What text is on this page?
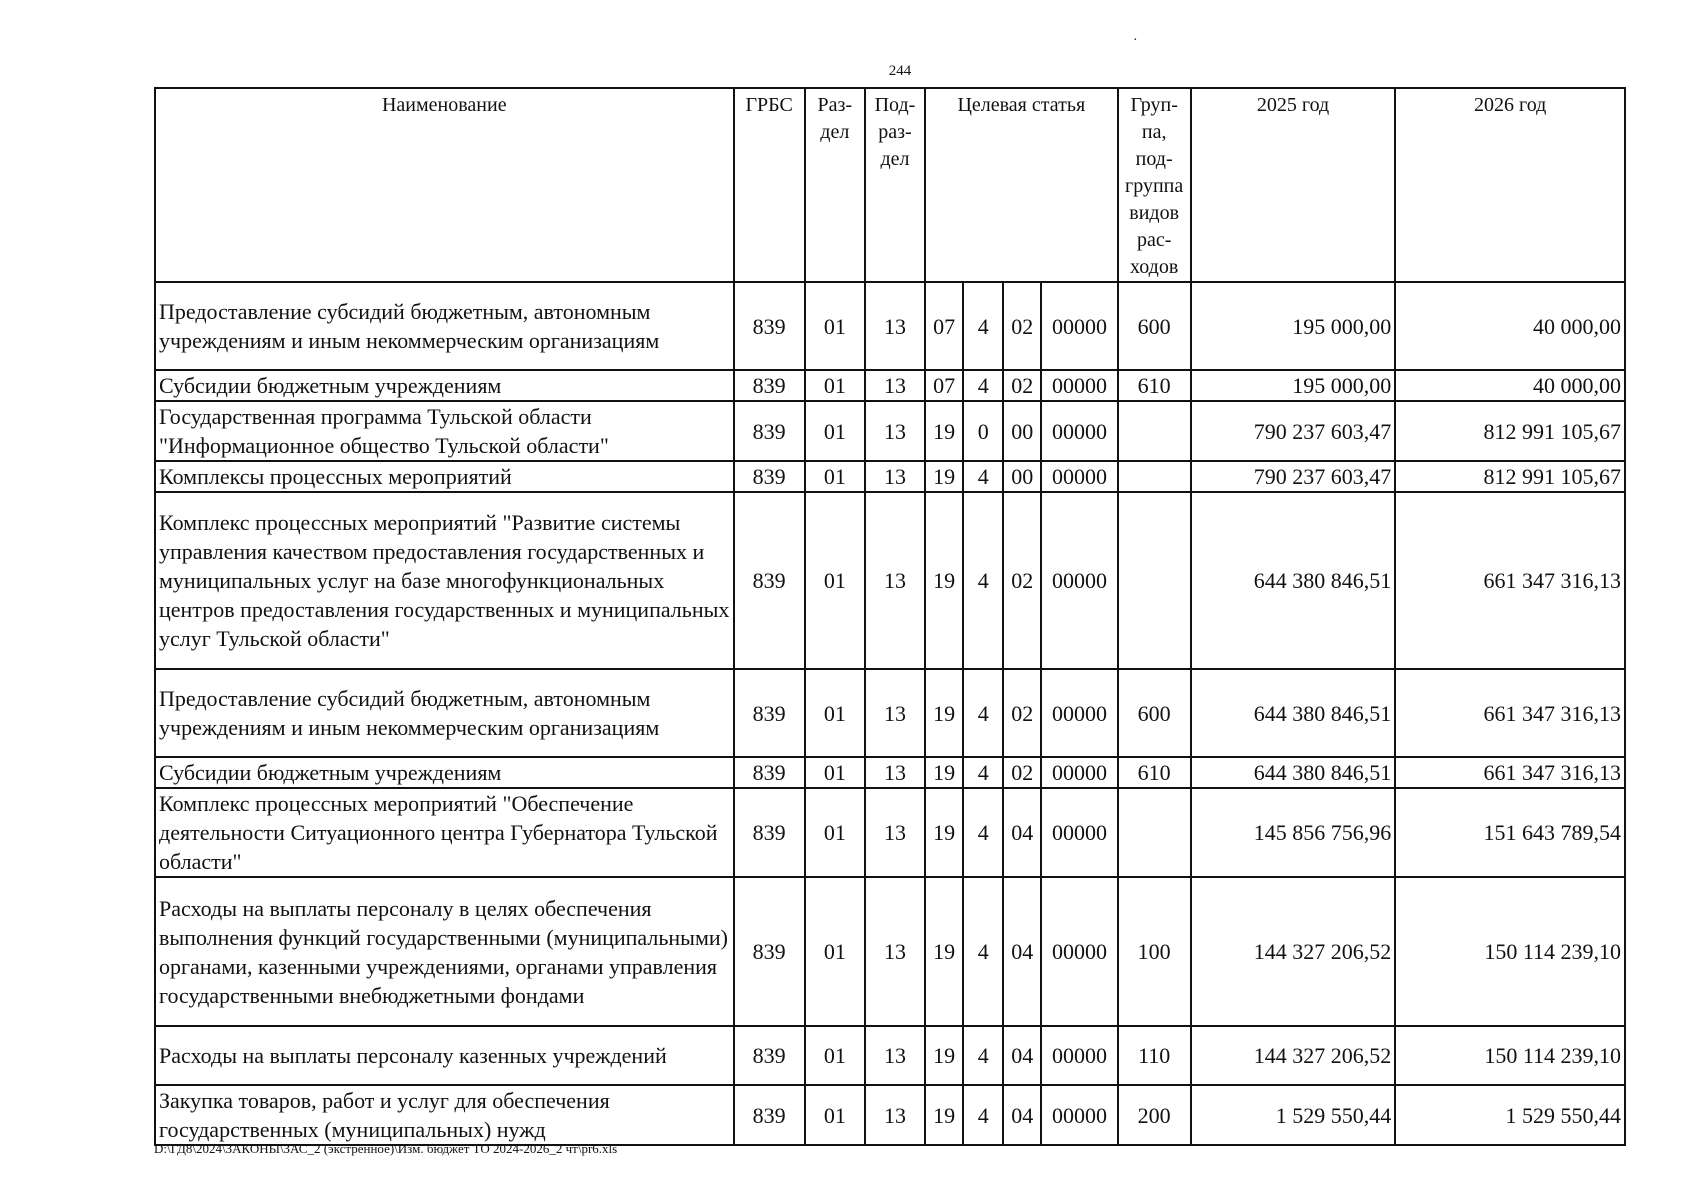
·
244
Наименование	ГРБС	Раз-дел	Под-раз-дел	Целевая статья				Груп-па, под-группа видов рас-ходов	2025 год	2026 год
Предоставление субсидий бюджетным, автономным учреждениям и иным некоммерческим организациям	839	01	13	07	4	02	00000	600	195 000,00	40 000,00
Субсидии бюджетным учреждениям	839	01	13	07	4	02	00000	610	195 000,00	40 000,00
Государственная программа Тульской области "Информационное общество Тульской области"	839	01	13	19	0	00	00000		790 237 603,47	812 991 105,67
Комплексы процессных мероприятий	839	01	13	19	4	00	00000		790 237 603,47	812 991 105,67
Комплекс процессных мероприятий "Развитие системы управления качеством предоставления государственных и муниципальных услуг на базе многофункциональных центров предоставления государственных и муниципальных услуг Тульской области"	839	01	13	19	4	02	00000		644 380 846,51	661 347 316,13
Предоставление субсидий бюджетным, автономным учреждениям и иным некоммерческим организациям	839	01	13	19	4	02	00000	600	644 380 846,51	661 347 316,13
Субсидии бюджетным учреждениям	839	01	13	19	4	02	00000	610	644 380 846,51	661 347 316,13
Комплекс процессных мероприятий "Обеспечение деятельности Ситуационного центра Губернатора Тульской области"	839	01	13	19	4	04	00000		145 856 756,96	151 643 789,54
Расходы на выплаты персоналу в целях обеспечения выполнения функций государственными (муниципальными) органами, казенными учреждениями, органами управления государственными внебюджетными фондами	839	01	13	19	4	04	00000	100	144 327 206,52	150 114 239,10
Расходы на выплаты персоналу казенных учреждений	839	01	13	19	4	04	00000	110	144 327 206,52	150 114 239,10
Закупка товаров, работ и услуг для обеспечения государственных (муниципальных) нужд	839	01	13	19	4	04	00000	200	1 529 550,44	1 529 550,44
D:\ГД8\2024\ЗАКОНЫ\ЗАС_2 (экстренное)\Изм. бюджет ТО 2024-2026_2 чт\pr6.xls
